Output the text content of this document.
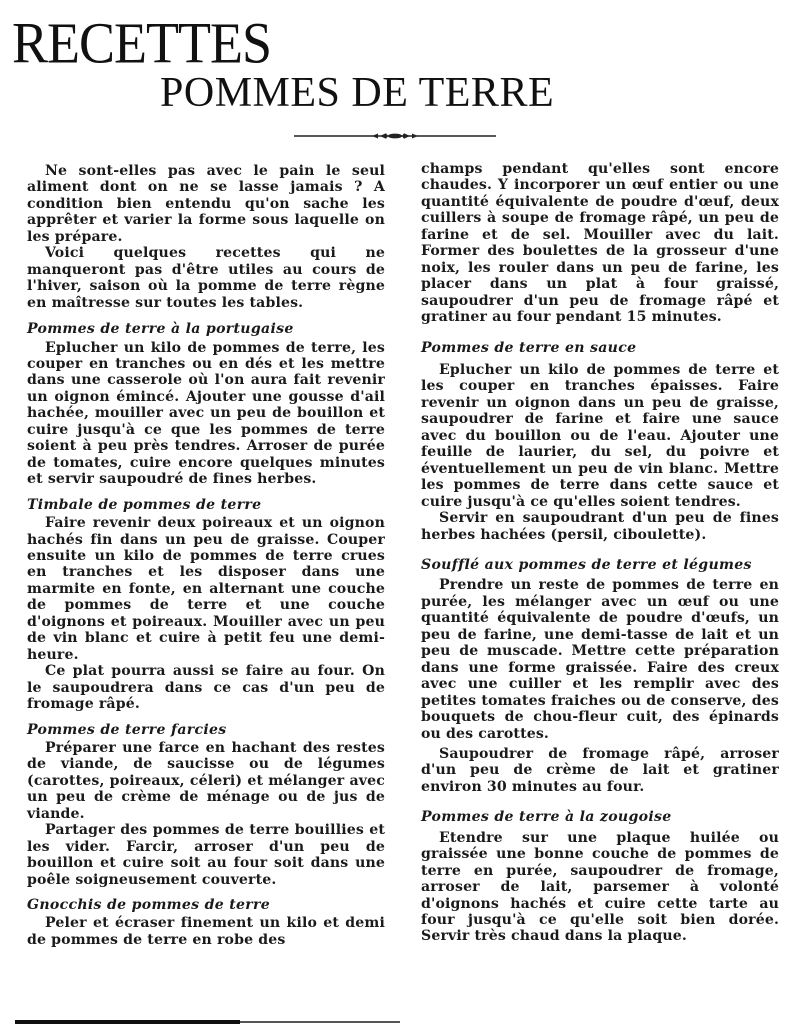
RECETTES
POMMES DE TERRE

Ne sont-elles pas avec le pain le seul aliment dont on ne se lasse jamais ? A condition bien entendu qu'on sache les apprêter et varier la forme sous laquelle on les prépare.

Voici quelques recettes qui ne manqueront pas d'être utiles au cours de l'hiver, saison où la pomme de terre règne en maîtresse sur toutes les tables.

Pommes de terre à la portugaise

Eplucher un kilo de pommes de terre, les couper en tranches ou en dés et les mettre dans une casserole où l'on aura fait revenir un oignon émincé. Ajouter une gousse d'ail hachée, mouiller avec un peu de bouillon et cuire jusqu'à ce que les pommes de terre soient à peu près tendres. Arroser de purée de tomates, cuire encore quelques minutes et servir saupoudré de fines herbes.

Timbale de pommes de terre

Faire revenir deux poireaux et un oignon hachés fin dans un peu de graisse. Couper ensuite un kilo de pommes de terre crues en tranches et les disposer dans une marmite en fonte, en alternant une couche de pommes de terre et une couche d'oignons et poireaux. Mouiller avec un peu de vin blanc et cuire à petit feu une demi-heure.

Ce plat pourra aussi se faire au four. On le saupoudrera dans ce cas d'un peu de fromage râpé.

Pommes de terre farcies

Préparer une farce en hachant des restes de viande, de saucisse ou de légumes (carottes, poireaux, céleri) et mélanger avec un peu de crème de ménage ou de jus de viande.

Partager des pommes de terre bouillies et les vider. Farcir, arroser d'un peu de bouillon et cuire soit au four soit dans une poêle soigneusement couverte.

Gnocchis de pommes de terre

Peler et écraser finement un kilo et demi de pommes de terre en robe des

champs pendant qu'elles sont encore chaudes. Y incorporer un œuf entier ou une quantité équivalente de poudre d'œuf, deux cuillers à soupe de fromage râpé, un peu de farine et de sel. Mouiller avec du lait. Former des boulettes de la grosseur d'une noix, les rouler dans un peu de farine, les placer dans un plat à four graissé, saupoudrer d'un peu de fromage râpé et gratiner au four pendant 15 minutes.

Pommes de terre en sauce

Eplucher un kilo de pommes de terre et les couper en tranches épaisses. Faire revenir un oignon dans un peu de graisse, saupoudrer de farine et faire une sauce avec du bouillon ou de l'eau. Ajouter une feuille de laurier, du sel, du poivre et éventuellement un peu de vin blanc. Mettre les pommes de terre dans cette sauce et cuire jusqu'à ce qu'elles soient tendres.

Servir en saupoudrant d'un peu de fines herbes hachées (persil, ciboulette).

Soufflé aux pommes de terre et légumes

Prendre un reste de pommes de terre en purée, les mélanger avec un œuf ou une quantité équivalente de poudre d'œufs, un peu de farine, une demi-tasse de lait et un peu de muscade. Mettre cette préparation dans une forme graissée. Faire des creux avec une cuiller et les remplir avec des petites tomates fraiches ou de conserve, des bouquets de chou-fleur cuit, des épinards ou des carottes.

Saupoudrer de fromage râpé, arroser d'un peu de crème de lait et gratiner environ 30 minutes au four.

Pommes de terre à la zougoise

Etendre sur une plaque huilée ou graissée une bonne couche de pommes de terre en purée, saupoudrer de fromage, arroser de lait, parsemer à volonté d'oignons hachés et cuire cette tarte au four jusqu'à ce qu'elle soit bien dorée. Servir très chaud dans la plaque.
